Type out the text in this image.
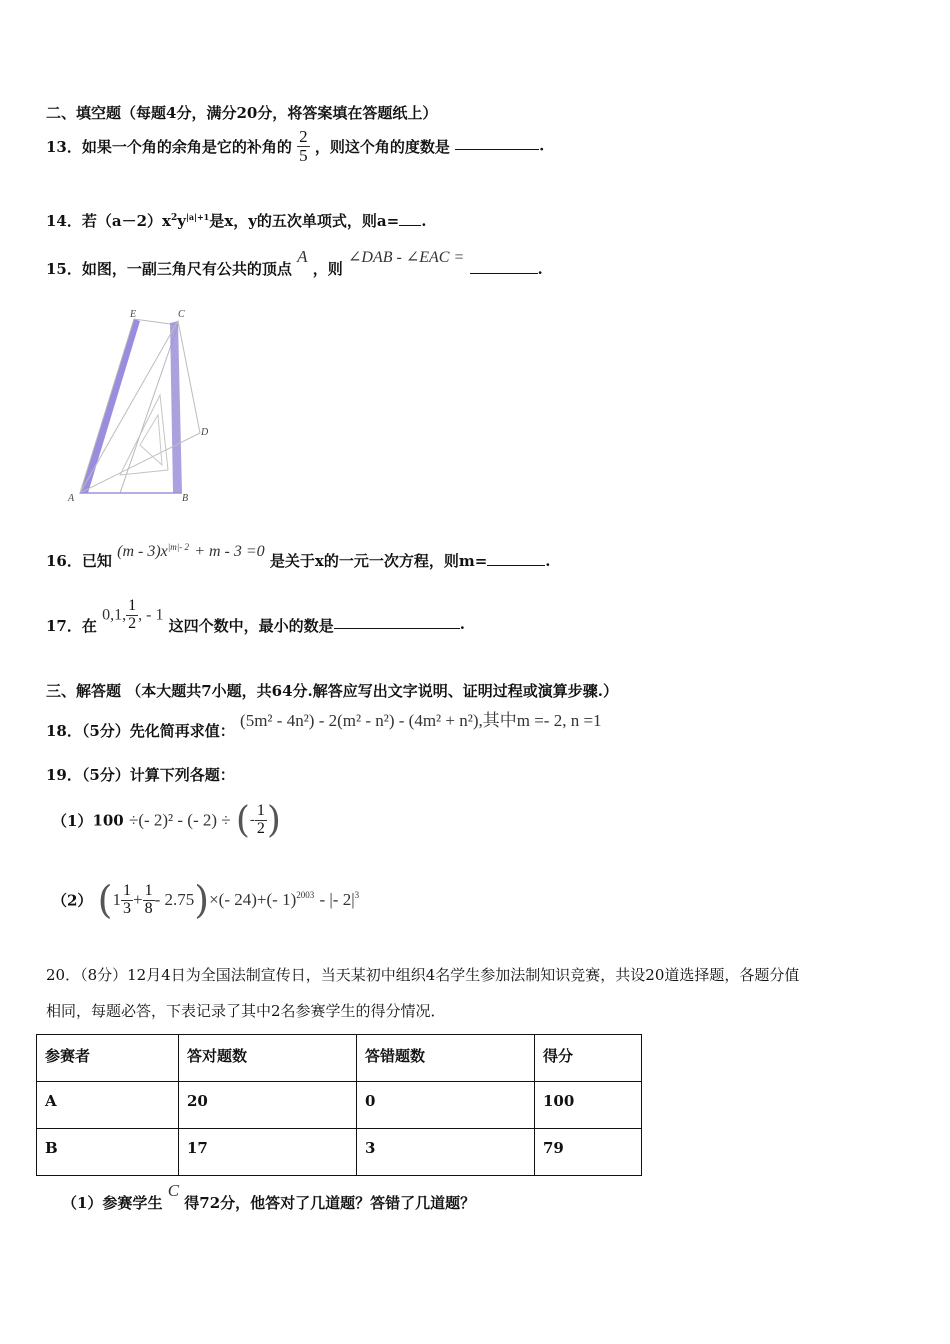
二、填空题（每题4分，满分20分，将答案填在答题纸上）
13．如果一个角的余角是它的补角的 $\frac{2}{5}$ ，则这个角的度数是	.
14．若$(a-2)x^2y^{|a|+1}$是x，y的五次单项式，则a= .
15．如图，一副三角尺有公共的顶点 A ，则 ∠DAB - ∠EAC = .
E	C
D
A	B
16．已知 $(m - 3)x^{|m|- 2} + m - 3 =0$ 是关于x的一元一次方程，则m=	.
17．在 0,1, $\frac{1}{2}$ , - 1 这四个数中，最小的数是	.
三、解答题 （本大题共7小题，共64分.解答应写出文字说明、证明过程或演算步骤.）
18．（5分）先化简再求值： (5m² - 4n²) - 2(m² - n²) - (4m² + n²),其中m =- 2, n =1
19．（5分）计算下列各题：
（1）100 ÷(- 2)² - (- 2) ÷ (- $\frac{1}{2}$ )
（2） $(1 \frac{1}{3} + \frac{1}{8} - 2.75)\times(-$ 24)+(- 1)$^{2003}$ - |- $2|^3$
20．（8分）12月4日为全国法制宣传日，当天某初中组织4名学生参加法制知识竞赛，共设20道选择题，各题分值
相同，每题必答，下表记录了其中2名参赛学生的得分情况．
参赛者	答对题数	答错题数	得分
A	20	0	100
B	17	3	79
（1）参赛学生 C 得72分，他答对了几道题？答错了几道题？
